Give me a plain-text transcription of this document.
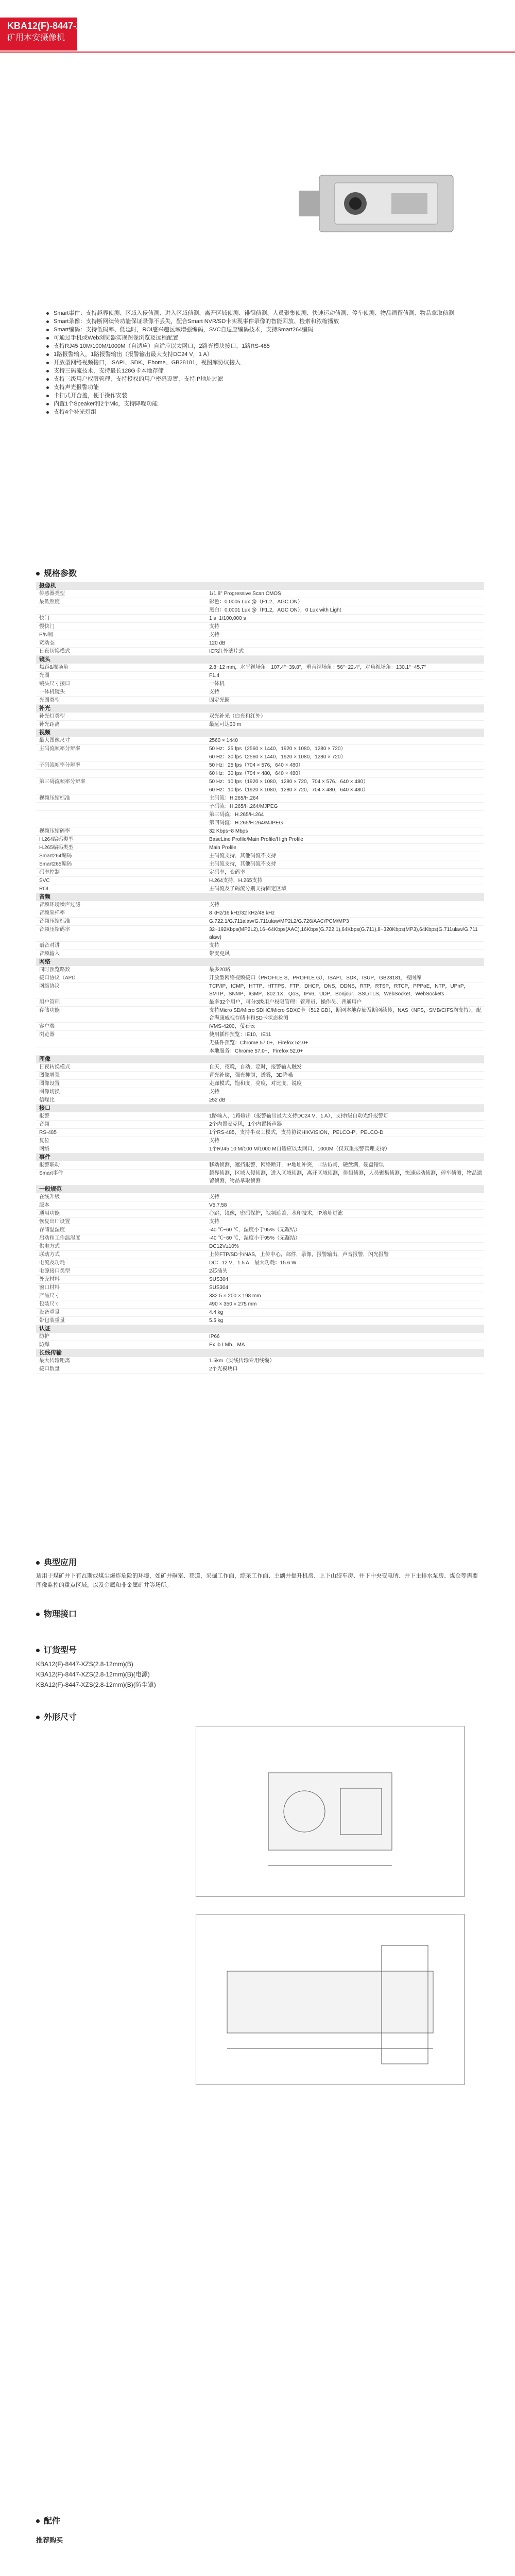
KBA12(F)-8447-XZS(B)
矿用本安摄像机
Smart事件：支持越界侦测、区域入侵侦测、进入区域侦测、离开区域侦测、徘徊侦测、人员聚集侦测、快速运动侦测、停车侦测、物品遗留侦测、物品拿取侦测
Smart录像：支持断网续传功能保证录像不丢失，配合Smart NVR/SD卡实现事件录像的智能回放、检索和浓缩播放
Smart编码：支持低码率、低延时，ROI感兴趣区域增强编码，SVC自适应编码技术，支持Smart264编码
可通过手机或Web浏览器实现图像浏览及远程配置
支持RJ45 10M/100M/1000M（自适应）自适应以太网口，2路光模块接口，1路RS-485
1路报警输入，1路报警输出（报警输出最大支持DC24 V，1 A）
开放型网络视频接口，ISAPI、SDK、Ehome、GB28181，视图库协议接入
支持三码流技术，支持最长128G卡本地存储
支持三级用户权限管理，支持授权的用户密码设置，支持IP地址过滤
支持声光报警功能
卡扣式开合盖，便于操作安装
内置1个Speaker和2个Mic，支持降噪功能
支持4个补光灯组
规格参数
摄像机
传感器类型	1/1.8" Progressive Scan CMOS
最低照度	彩色：0.0005 Lux @（F1.2，AGC ON）
黑白：0.0001 Lux @（F1.2，AGC ON），0 Lux with Light
快门	1 s~1/100,000 s
慢快门	支持
P/N制	支持
宽动态	120 dB
日夜切换模式	ICR红外滤片式
镜头
焦距&视场角	2.8~12 mm，水平视场角：107.4°~39.8°，垂直视场角：56°~22.4°，对角视场角：130.1°~45.7°
光圈	F1.4
镜头尺寸接口	一体机
一体机镜头	支持
光圈类型	固定光圈
补光
补光灯类型	双光补光（白光和红外）
补光距离	最远可达30 m
视频
最大图像尺寸	2560 × 1440
主码流帧率分辨率	50 Hz：25 fps（2560 × 1440，1920 × 1080，1280 × 720）
60 Hz：30 fps（2560 × 1440，1920 × 1080，1280 × 720）
子码流帧率分辨率	50 Hz：25 fps（704 × 576，640 × 480）
60 Hz：30 fps（704 × 480，640 × 480）
第三码流帧率分辨率	50 Hz：10 fps（1920 × 1080，1280 × 720，704 × 576，640 × 480）
60 Hz：10 fps（1920 × 1080，1280 × 720，704 × 480，640 × 480）
视频压缩标准	主码流：H.265/H.264
子码流：H.265/H.264/MJPEG
第三码流：H.265/H.264
第四码流：H.265/H.264/MJPEG
视频压缩码率	32 Kbps~8 Mbps
H.264编码类型	BaseLine Profile/Main Profile/High Profile
H.265编码类型	Main Profile
Smart264编码	主码流支持，其他码流不支持
Smart265编码	主码流支持，其他码流不支持
码率控制	定码率，变码率
SVC	H.264支持，H.265支持
ROI	主码流及子码流分别支持固定区域
音频
音频环境噪声过滤	支持
音频采样率	8 kHz/16 kHz/32 kHz/48 kHz
音频压缩标准	G.722.1/G.711alaw/G.711ulaw/MP2L2/G.726/AAC/PCM/MP3
音频压缩码率	32~192Kbps(MP2L2),16~64Kbps(AAC),16Kbps(G.722.1),64Kbps(G.711),8~320Kbps(MP3),64Kbps(G.711ulaw/G.711 alaw)
语音对讲	支持
音频输入	带麦克风
网络
同时预览路数	最多20路
接口协议（API）	开放型网络视频接口（PROFILE S，PROFILE G），ISAPI，SDK，ISUP，GB28181，视图库
网络协议	TCP/IP，ICMP，HTTP，HTTPS，FTP，DHCP，DNS，DDNS，RTP，RTSP，RTCP，PPPoE，NTP，UPnP，SMTP，SNMP，IGMP，802.1X，QoS，IPv6，UDP，Bonjour，SSL/TLS，WebSocket，WebSockets
用户管理	最多32个用户，可分3级用户权限管理：管理员、操作员、普通用户
存储功能	支持Micro SD/Micro SDHC/Micro SDXC卡（512 GB），断网本地存储及断网续传，NAS（NFS，SMB/CIFS均支持），配合海康威视存储卡和SD卡状态检测
客户端	iVMS-4200，萤石云
浏览器	使用插件预览：IE10，IE11
无插件预览：Chrome 57.0+，Firefox 52.0+
本地服务：Chrome 57.0+，Firefox 52.0+
图像
日夜转换模式	自天，夜晚，自动，定时，报警输入触发
图像增强	背光补偿，强光抑制，透雾，3D降噪
图像设置	走廊模式，饱和度，亮度，对比度，锐度
图像切换	支持
信噪比	≥52 dB
接口
报警	1路输入，1路输出（报警输出最大支持DC24 V，1 A），支持I级自动光纤报警灯
音频	2个内置麦克风，1个内置扬声器
RS-485	1个RS-485，支持半双工模式，支持协议HIKVISION，PELCO-P，PELCO-D
复位	支持
网络	1个RJ45 10 M/100 M/1000 M自适应以太网口，1000M（仅双重报警管理支持）
事件
报警联动	移动侦测，遮挡报警，网络断开，IP地址冲突，非法访问，硬盘满，硬盘错误
Smart事件	越界侦测，区域入侵侦测，进入区域侦测，离开区域侦测，徘徊侦测，人员聚集侦测，快速运动侦测，停车侦测，物品遗留侦测，物品拿取侦测
一般规范
在线升级	支持
版本	V5.7.58
通用功能	心跳，镜像，密码保护，视频遮盖，水印技术，IP地址过滤
恢复出厂设置	支持
存储温湿度	-40 ℃~60 ℃，湿度小于95%（无凝结）
启动和工作温湿度	-40 ℃~60 ℃，湿度小于95%（无凝结）
供电方式	DC12V±10%
联动方式	上传FTP/SD卡/NAS，上传中心，邮件，录像，报警输出，声音报警，闪光报警
电流及功耗	DC：12 V，1.5 A，最大功耗：15.6 W
电源接口类型	2芯插头
外壳材料	SUS304
窗口材料	SUS304
产品尺寸	332.5 × 200 × 198 mm
包装尺寸	490 × 350 × 275 mm
设备重量	4.4 kg
带包装重量	5.5 kg
认证
防护	IP66
防爆	Ex ib I Mb，MA
长线传输
最大传输距离	1.5km（实线传输专用线缆）
接口数量	2个光模块口
典型应用
适用于煤矿井下有瓦斯或煤尘爆炸危险的环境，如矿井硐室、巷道，采掘工作面，综采工作面、主副井提升机房、上下山绞车房、井下中央变电所、井下主排水泵房、煤仓等需要图像监控的重点区域，以及金属和非金属矿井等场所。
物理接口
订货型号
KBA12(F)-8447-XZS(2.8-12mm)(B)
KBA12(F)-8447-XZS(2.8-12mm)(B)(电源)
KBA12(F)-8447-XZS(2.8-12mm)(B)(防尘罩)
外形尺寸
配件
推荐购买
